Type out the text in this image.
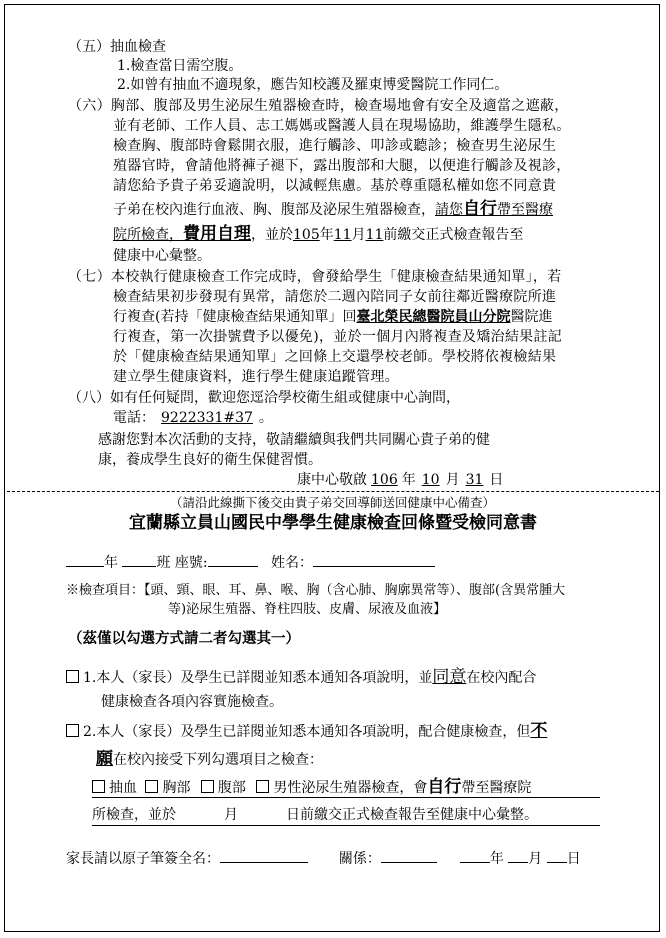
（五）抽血檢查
1.檢查當日需空腹。
2.如曾有抽血不適現象，應告知校護及羅東博愛醫院工作同仁。
（六）胸部、腹部及男生泌尿生殖器檢查時，檢查場地會有安全及適當之遮蔽，
並有老師、工作人員、志工媽媽或醫護人員在現場協助，維護學生隱私。
檢查胸、腹部時會鬆開衣服，進行觸診、叩診或聽診；檢查男生泌尿生
殖器官時，會請他將褲子褪下，露出腹部和大腿，以便進行觸診及視診，
請您給予貴子弟妥適說明，以減輕焦慮。基於尊重隱私權如您不同意貴
子弟在校內進行血液、胸、腹部及泌尿生殖器檢查，請您自行帶至醫療
院所檢查，費用自理，並於105年11月11前繳交正式檢查報告至
健康中心彙整。
（七）本校執行健康檢查工作完成時，會發給學生「健康檢查結果通知單」，若
檢查結果初步發現有異常，請您於二週內陪同子女前往鄰近醫療院所進
行複查(若持「健康檢查結果通知單」回臺北榮民總醫院員山分院醫院進
行複查，第一次掛號費予以優免)，並於一個月內將複查及矯治結果註記
於「健康檢查結果通知單」之回條上交還學校老師。學校將依複檢結果
建立學生健康資料，進行學生健康追蹤管理。
（八）如有任何疑問，歡迎您逕洽學校衛生組或健康中心詢問，
電話： 9222331#37 。
感謝您對本次活動的支持，敬請繼續與我們共同關心貴子弟的健
康，養成學生良好的衛生保健習慣。
康中心敬啟 106 年 10 月 31 日
（請沿此線撕下後交由貴子弟交回導師送回健康中心備查）
宜蘭縣立員山國民中學學生健康檢查回條暨受檢同意書
年	班 座號:	姓名：
※檢查項目：【頭、頸、眼、耳、鼻、喉、胸（含心肺、胸廓異常等）、腹部(含異常腫大
等)泌尿生殖器、脊柱四肢、皮膚、尿液及血液】
（茲僅以勾選方式請二者勾選其一）
1.本人（家長）及學生已詳閱並知悉本通知各項說明，並同意在校內配合
健康檢查各項內容實施檢查。
2.本人（家長）及學生已詳閱並知悉本通知各項說明，配合健康檢查，但不
願在校內接受下列勾選項目之檢查：
抽血 胸部 腹部 男性泌尿生殖器檢查，會自行帶至醫療院
所檢查，並於	月	日前繳交正式檢查報告至健康中心彙整。
家長請以原子筆簽全名：	關係：	年 月 日
